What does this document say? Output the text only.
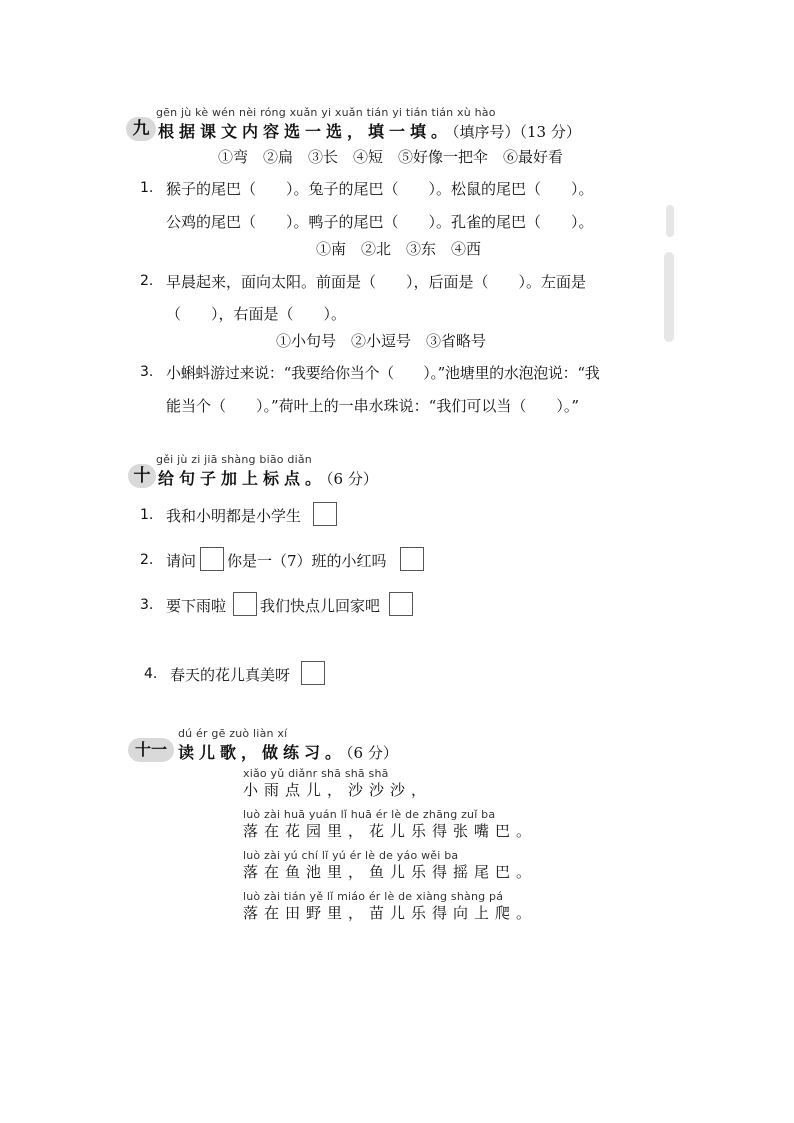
gēn jù kè wén nèi róng xuǎn yi xuǎn tián yi tián tián xù hào
九 根据课文内容选一选，填一填。（填序号）（13 分）
①弯　②扁　③长　④短　⑤好像一把伞　⑥最好看
1. 猴子的尾巴（　　）。兔子的尾巴（　　）。松鼠的尾巴（　　）。
公鸡的尾巴（　　）。鸭子的尾巴（　　）。孔雀的尾巴（　　）。
①南　②北　③东　④西
2. 早晨起来，面向太阳。前面是（　　），后面是（　　）。左面是
（　　），右面是（　　）。
①小句号　②小逗号　③省略号
3. 小蝌蚪游过来说：“我要给你当个（　　）。”池塘里的水泡泡说：“我
能当个（　　）。”荷叶上的一串水珠说：“我们可以当（　　）。”
gěi jù zi jiā shàng biāo diǎn
十 给句子加上标点。（6 分）
1. 我和小明都是小学生
2. 请问 你是一（7）班的小红吗
3. 要下雨啦 我们快点儿回家吧
4. 春天的花儿真美呀
dú ér gē zuò liàn xí
十一 读儿歌，做练习。（6 分）
xiǎo yǔ diǎnr shā shā shā
小雨点儿，沙沙沙，
luò zài huā yuán lǐ huā ér lè de zhāng zuǐ ba
落在花园里，花儿乐得张嘴巴。
luò zài yú chí lǐ yú ér lè de yáo wěi ba
落在鱼池里，鱼儿乐得摇尾巴。
luò zài tián yě lǐ miáo ér lè de xiàng shàng pá
落在田野里，苗儿乐得向上爬。
